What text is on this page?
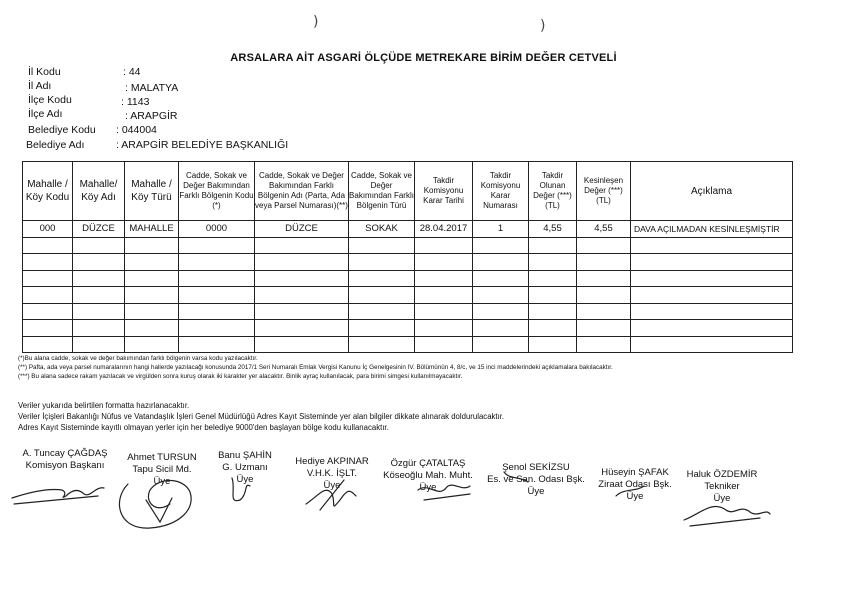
)	)
ARSALARA AİT ASGARİ ÖLÇÜDE METREKARE BİRİM DEĞER CETVELİ
İl Kodu	: 44
İl Adı	: MALATYA
İlçe Kodu	: 1143
İlçe Adı	: ARAPGİR
Belediye Kodu : 044004
Belediye Adı	: ARAPGİR BELEDİYE BAŞKANLIĞI
Mahalle / Köy Kodu	Mahalle/ Köy Adı	Mahalle / Köy Türü	Cadde, Sokak ve Değer Bakımından Farklı Bölgenin Kodu (*)	Cadde, Sokak ve Değer Bakımından Farklı Bölgenin Adı (Parta, Ada veya Parsel Numarası)(**)	Cadde, Sokak ve Değer Bakımından Farklı Bölgenin Türü	Takdir Komisyonu Karar Tarihi	Takdir Komisyonu Karar Numarası	Takdir Olunan Değer (***) (TL)	Kesinleşen Değer (***) (TL)	Açıklama
000	DÜZCE	MAHALLE	0000	DÜZCE	SOKAK	28.04.2017	1	4,55	4,55	DAVA AÇILMADAN KESİNLEŞMİŞTİR

(*)Bu alana cadde, sokak ve değer bakımından farklı bölgenin varsa kodu yazılacaktır.
(**) Pafta, ada veya parsel numaralarının hangi hallerde yazılacağı konusunda 2017/1 Seri Numaralı Emlak Vergisi Kanunu İç Genelgesinin IV. Bölümünün 4, 8/c, ve 15 inci maddelerindeki açıklamalara bakılacaktır.
(***) Bu alana sadece rakam yazılacak ve virgülden sonra kuruş olarak iki karakter yer alacaktır. Binlik ayraç kullanılacak, para birimi simgesi kullanılmayacaktır.
Veriler yukarıda belirtilen formatta hazırlanacaktır.
Veriler İçişleri Bakanlığı Nüfus ve Vatandaşlık İşleri Genel Müdürlüğü Adres Kayıt Sisteminde yer alan bilgiler dikkate alınarak doldurulacaktır.
Adres Kayıt Sisteminde kayıtlı olmayan yerler için her belediye 9000'den başlayan bölge kodu kullanacaktır.
A. Tuncay ÇAĞDAŞ
Komisyon Başkanı
Ahmet TURSUN
Tapu Sicil Md.
Üye
Banu ŞAHİN
G. Uzmanı
Üye
Hediye AKPINAR
V.H.K. İŞLT.
Üye
Özgür ÇATALTAŞ
Köseoğlu Mah. Muht.
Üye
Şenol SEKİZSU
Es. ve San. Odası Bşk.
Üye
Hüseyin ŞAFAK
Ziraat Odası Bşk.
Üye
Haluk ÖZDEMİR
Tekniker
Üye
